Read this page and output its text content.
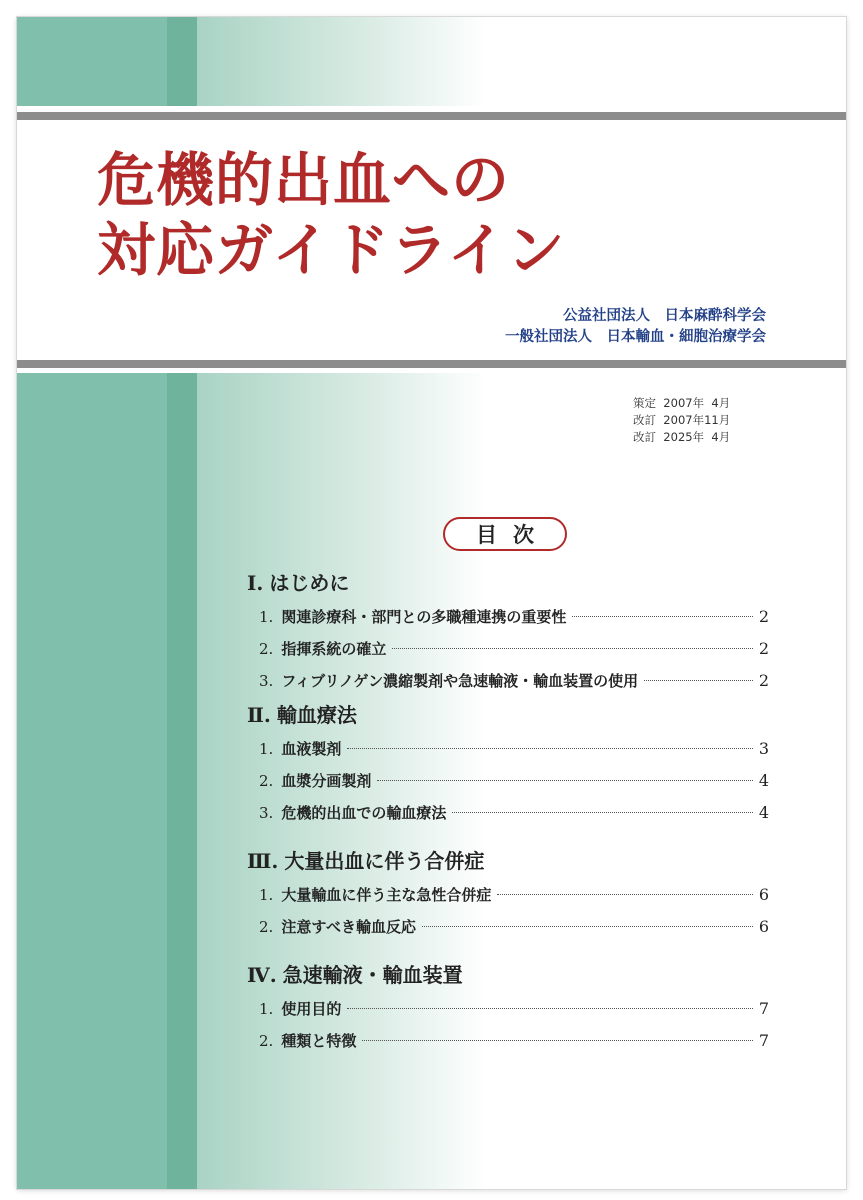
危機的出血への
対応ガイドライン
公益社団法人　日本麻酔科学会
一般社団法人　日本輸血・細胞治療学会
策定  2007年  4月
改訂  2007年11月
改訂  2025年  4月
目次
Ⅰ. はじめに
1. 関連診療科・部門との多職種連携の重要性	2
2. 指揮系統の確立	2
3. フィブリノゲン濃縮製剤や急速輸液・輸血装置の使用	2
Ⅱ. 輸血療法
1. 血液製剤	3
2. 血漿分画製剤	4
3. 危機的出血での輸血療法	4
Ⅲ. 大量出血に伴う合併症
1. 大量輸血に伴う主な急性合併症	6
2. 注意すべき輸血反応	6
Ⅳ. 急速輸液・輸血装置
1. 使用目的	7
2. 種類と特徴	7
